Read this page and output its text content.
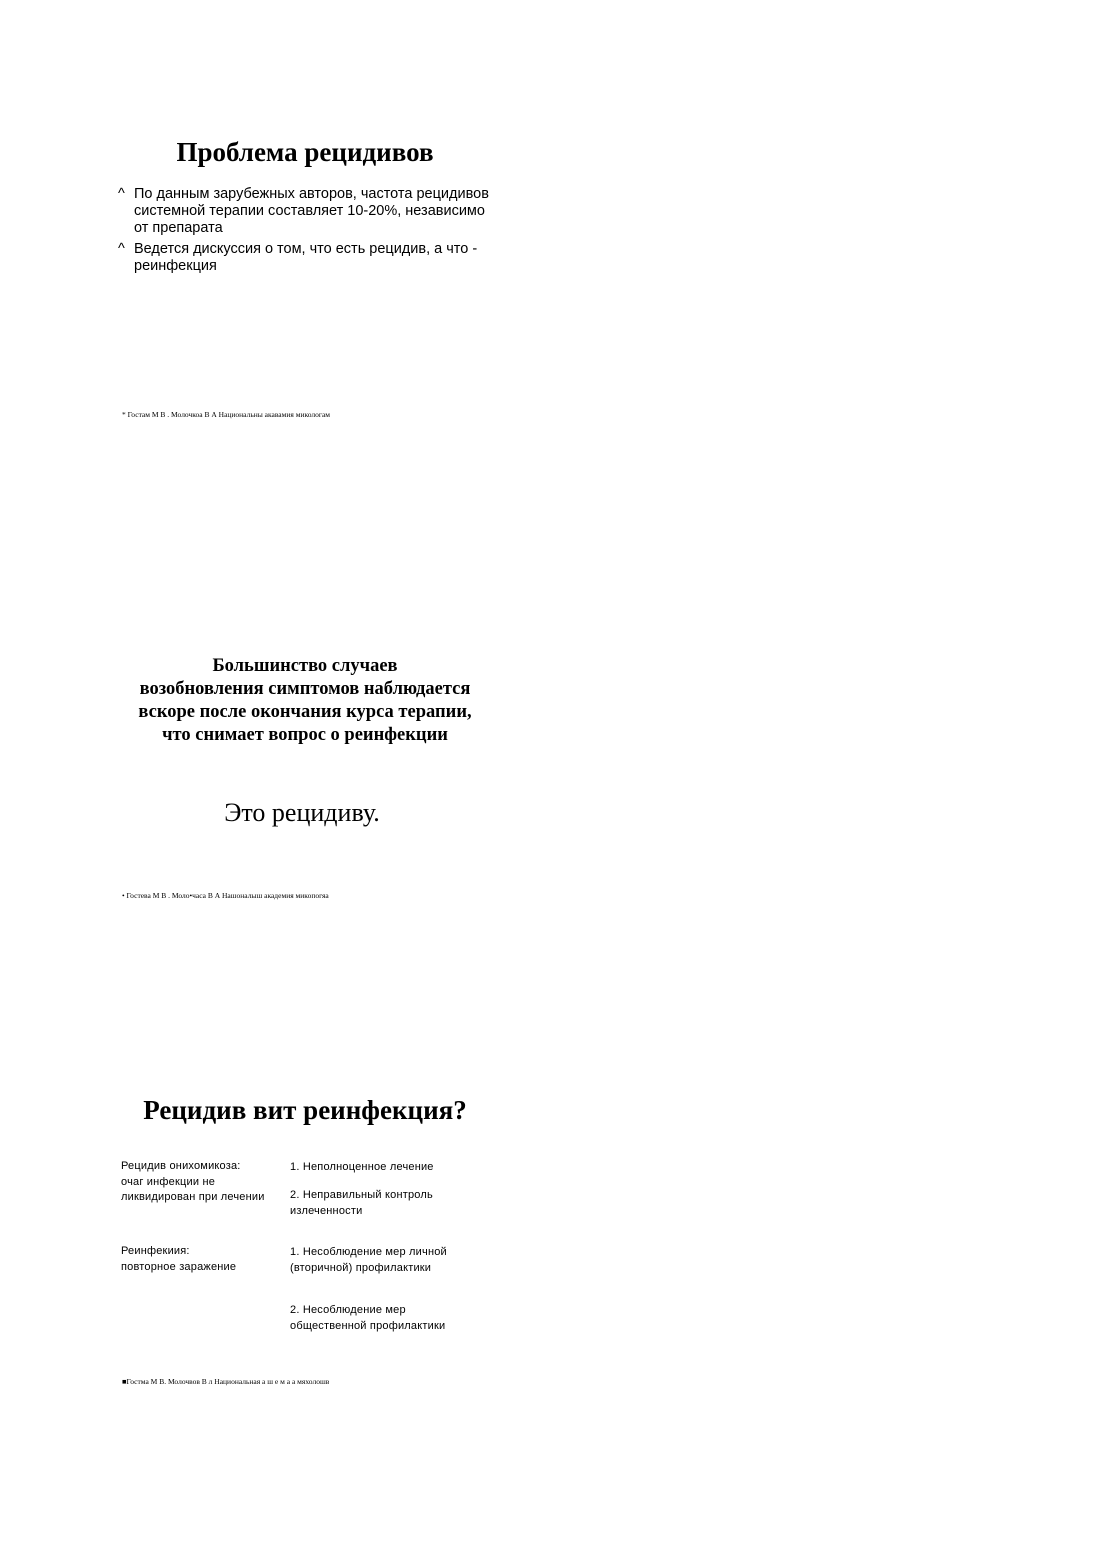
Проблема рецидивов
^ По данным зарубежных авторов, частота рецидивов системной терапии составляет 10-20%, независимо от препарата
^ Ведется дискуссия о том, что есть рецидив, а что - реинфекция
* Гостам М В . Молочкоа В А Национальны акавамия микологам
Большинство случаев
возобновления симптомов наблюдается
вскоре после окончания курса терапии,
что снимает вопрос о реинфекции
Это рецидиву.
• Гостева М В . Моло•часа В А Нашоналыш академия микопогяа
Рецидив вит реинфекция?
Рецидив онихомикоза:
очаг инфекции не
ликвидирован при лечении
Реинфекиия:
повторное заражение
1. Неполноценное лечение
2. Неправильный контроль
излеченности
1. Несоблюдение мер личной
(вторичной) профилактики
2. Несоблюдение мер
общественной профилактики
■Гостма М В. Молочвов В л Национальная а ш е м а а мяхолошв
